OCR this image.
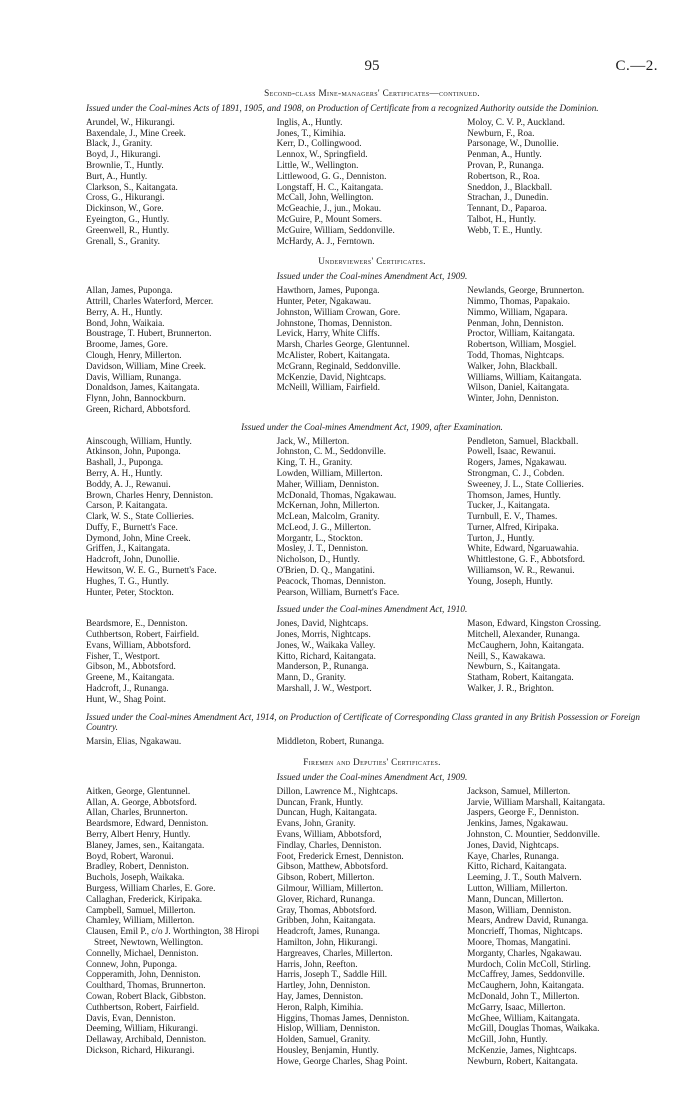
95	C.—2.
Second-class Mine-managers' Certificates—continued.
Issued under the Coal-mines Acts of 1891, 1905, and 1908, on Production of Certificate from a recognized Authority outside the Dominion.
Arundel, W., Hikurangi.
Baxendale, J., Mine Creek.
Black, J., Granity.
Boyd, J., Hikurangi.
Brownlie, T., Huntly.
Burt, A., Huntly.
Clarkson, S., Kaitangata.
Cross, G., Hikurangi.
Dickinson, W., Gore.
Eyeington, G., Huntly.
Greenwell, R., Huntly.
Grenall, S., Granity.
Inglis, A., Huntly.
Jones, T., Kimihia.
Kerr, D., Collingwood.
Lennox, W., Springfield.
Little, W., Wellington.
Littlewood, G. G., Denniston.
Longstaff, H. C., Kaitangata.
McCall, John, Wellington.
McGeachie, J., jun., Mokau.
McGuire, P., Mount Somers.
McGuire, William, Seddonville.
McHardy, A. J., Ferntown.
Moloy, C. V. P., Auckland.
Newburn, F., Roa.
Parsonage, W., Dunollie.
Penman, A., Huntly.
Provan, P., Runanga.
Robertson, R., Roa.
Sneddon, J., Blackball.
Strachan, J., Dunedin.
Tennant, D., Paparoa.
Talbot, H., Huntly.
Webb, T. E., Huntly.
Underviewers' Certificates.
Issued under the Coal-mines Amendment Act, 1909.
Allan, James, Puponga.
Attrill, Charles Waterford, Mercer.
Berry, A. H., Huntly.
Bond, John, Waikaia.
Boustrage, T. Hubert, Brunnerton.
Broome, James, Gore.
Clough, Henry, Millerton.
Davidson, William, Mine Creek.
Davis, William, Runanga.
Donaldson, James, Kaitangata.
Flynn, John, Bannockburn.
Green, Richard, Abbotsford.
Hawthorn, James, Puponga.
Hunter, Peter, Ngakawau.
Johnston, William Crowan, Gore.
Johnstone, Thomas, Denniston.
Levick, Harry, White Cliffs.
Marsh, Charles George, Glentunnel.
McAlister, Robert, Kaitangata.
McGrann, Reginald, Seddonville.
McKenzie, David, Nightcaps.
McNeill, William, Fairfield.
Newlands, George, Brunnerton.
Nimmo, Thomas, Papakaio.
Nimmo, William, Ngapara.
Penman, John, Denniston.
Proctor, William, Kaitangata.
Robertson, William, Mosgiel.
Todd, Thomas, Nightcaps.
Walker, John, Blackball.
Williams, William, Kaitangata.
Wilson, Daniel, Kaitangata.
Winter, John, Denniston.
Issued under the Coal-mines Amendment Act, 1909, after Examination.
Ainscough, William, Huntly.
Atkinson, John, Puponga.
Bashall, J., Puponga.
Berry, A. H., Huntly.
Boddy, A. J., Rewanui.
Brown, Charles Henry, Denniston.
Carson, P. Kaitangata.
Clark, W. S., State Collieries.
Duffy, F., Burnett's Face.
Dymond, John, Mine Creek.
Griffen, J., Kaitangata.
Hadcroft, John, Dunollie.
Hewitson, W. E. G., Burnett's Face.
Hughes, T. G., Huntly.
Hunter, Peter, Stockton.
Jack, W., Millerton.
Johnston, C. M., Seddonville.
King, T. H., Granity.
Lowden, William, Millerton.
Maher, William, Denniston.
McDonald, Thomas, Ngakawau.
McKernan, John, Millerton.
McLean, Malcolm, Granity.
McLeod, J. G., Millerton.
Morgantr, L., Stockton.
Mosley, J. T., Denniston.
Nicholson, D., Huntly.
O'Brien, D. Q., Mangatini.
Peacock, Thomas, Denniston.
Pearson, William, Burnett's Face.
Pendleton, Samuel, Blackball.
Powell, Isaac, Rewanui.
Rogers, James, Ngakawau.
Strongman, C. J., Cobden.
Sweeney, J. L., State Collieries.
Thomson, James, Huntly.
Tucker, J., Kaitangata.
Turnbull, E. V., Thames.
Turner, Alfred, Kiripaka.
Turton, J., Huntly.
White, Edward, Ngaruawahia.
Whittlestone, G. F., Abbotsford.
Williamson, W. R., Rewanui.
Young, Joseph, Huntly.
Issued under the Coal-mines Amendment Act, 1910.
Beardsmore, E., Denniston.
Cuthbertson, Robert, Fairfield.
Evans, William, Abbotsford.
Fisher, T., Westport.
Gibson, M., Abbotsford.
Greene, M., Kaitangata.
Hadcroft, J., Runanga.
Hunt, W., Shag Point.
Jones, David, Nightcaps.
Jones, Morris, Nightcaps.
Jones, W., Waikaka Valley.
Kitto, Richard, Kaitangata.
Manderson, P., Runanga.
Mann, D., Granity.
Marshall, J. W., Westport.
Mason, Edward, Kingston Crossing.
Mitchell, Alexander, Runanga.
McCaughern, John, Kaitangata.
Neill, S., Kawakawa.
Newburn, S., Kaitangata.
Statham, Robert, Kaitangata.
Walker, J. R., Brighton.
Issued under the Coal-mines Amendment Act, 1914, on Production of Certificate of Corresponding Class granted in any British Possession or Foreign Country.
Marsin, Elias, Ngakawau.	Middleton, Robert, Runanga.
Firemen and Deputies' Certificates.
Issued under the Coal-mines Amendment Act, 1909.
Aitken, George, Glentunnel.
Allan, A. George, Abbotsford.
Allan, Charles, Brunnerton.
Beardsmore, Edward, Denniston.
Berry, Albert Henry, Huntly.
Blaney, James, sen., Kaitangata.
Boyd, Robert, Waronui.
Bradley, Robert, Denniston.
Buchols, Joseph, Waikaka.
Burgess, William Charles, E. Gore.
Callaghan, Frederick, Kiripaka.
Campbell, Samuel, Millerton.
Chamley, William, Millerton.
Clausen, Emil P., c/o J. Worthington, 38 Hiropi Street, Newtown, Wellington.
Connelly, Michael, Denniston.
Connew, John, Puponga.
Copperamith, John, Denniston.
Coulthard, Thomas, Brunnerton.
Cowan, Robert Black, Gibbston.
Cuthbertson, Robert, Fairfield.
Davis, Evan, Denniston.
Deeming, William, Hikurangi.
Dellaway, Archibald, Denniston.
Dickson, Richard, Hikurangi.
Dillon, Lawrence M., Nightcaps.
Duncan, Frank, Huntly.
Duncan, Hugh, Kaitangata.
Evans, John, Granity.
Evans, William, Abbotsford,
Findlay, Charles, Denniston.
Foot, Frederick Ernest, Denniston.
Gibson, Matthew, Abbotsford.
Gibson, Robert, Millerton.
Gilmour, William, Millerton.
Glover, Richard, Runanga.
Gray, Thomas, Abbotsford.
Gribben, John, Kaitangata.
Headcroft, James, Runanga.
Hamilton, John, Hikurangi.
Hargreaves, Charles, Millerton.
Harris, John, Reefton.
Harris, Joseph T., Saddle Hill.
Hartley, John, Denniston.
Hay, James, Denniston.
Heron, Ralph, Kimihia.
Higgins, Thomas James, Denniston.
Hislop, William, Denniston.
Holden, Samuel, Granity.
Housley, Benjamin, Huntly.
Howe, George Charles, Shag Point.
Jackson, Samuel, Millerton.
Jarvie, William Marshall, Kaitangata.
Jaspers, George F., Denniston.
Jenkins, James, Ngakawau.
Johnston, C. Mountier, Seddonville.
Jones, David, Nightcaps.
Kaye, Charles, Runanga.
Kitto, Richard, Kaitangata.
Leeming, J. T., South Malvern.
Lutton, William, Millerton.
Mann, Duncan, Millerton.
Mason, William, Denniston.
Mears, Andrew David, Runanga.
Moncrieff, Thomas, Nightcaps.
Moore, Thomas, Mangatini.
Morganty, Charles, Ngakawau.
Murdoch, Colin McColl, Stirling.
McCaffrey, James, Seddonville.
McCaughern, John, Kaitangata.
McDonald, John T., Millerton.
McGarry, Isaac, Millerton.
McGhee, William, Kaitangata.
McGill, Douglas Thomas, Waikaka.
McGill, John, Huntly.
McKenzie, James, Nightcaps.
Newburn, Robert, Kaitangata.
